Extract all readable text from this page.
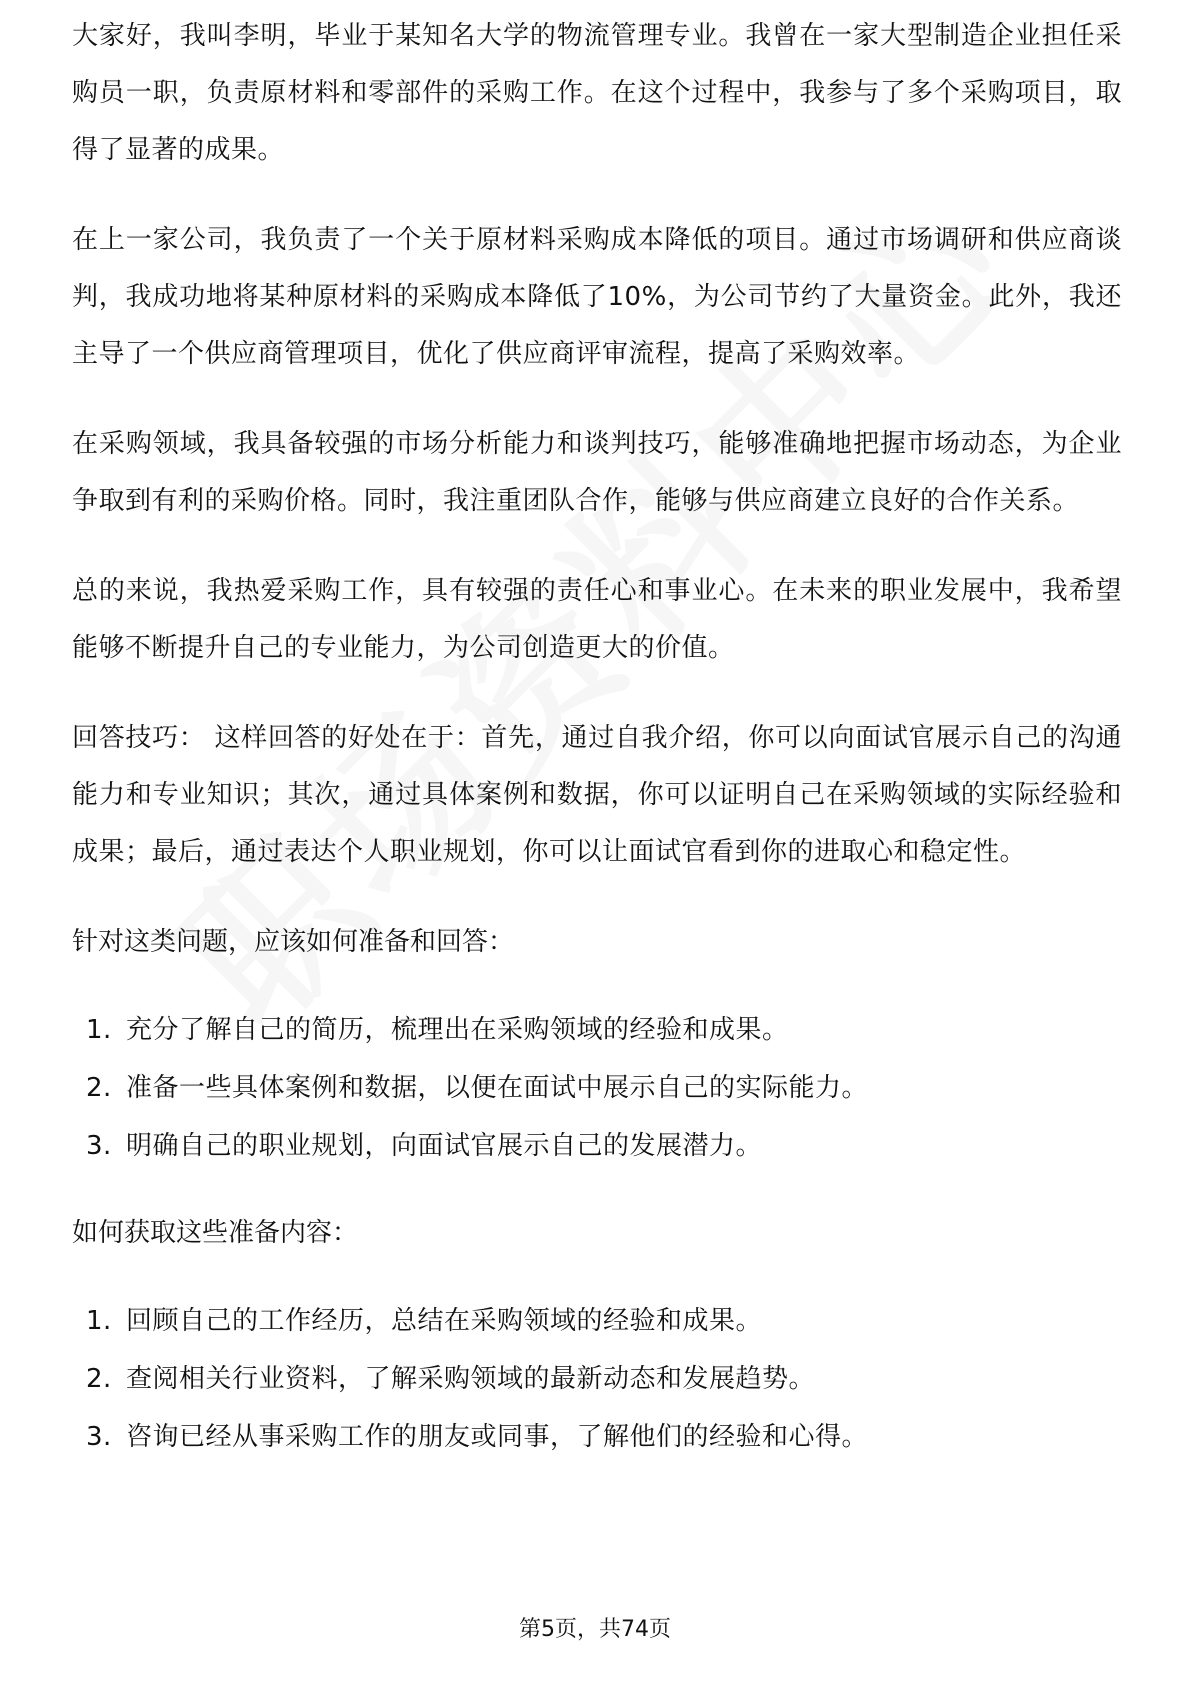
大家好，我叫李明，毕业于某知名大学的物流管理专业。我曾在一家大型制造企业担任采购员一职，负责原材料和零部件的采购工作。在这个过程中，我参与了多个采购项目，取得了显著的成果。

在上一家公司，我负责了一个关于原材料采购成本降低的项目。通过市场调研和供应商谈判，我成功地将某种原材料的采购成本降低了10%，为公司节约了大量资金。此外，我还主导了一个供应商管理项目，优化了供应商评审流程，提高了采购效率。

在采购领域，我具备较强的市场分析能力和谈判技巧，能够准确地把握市场动态，为企业争取到有利的采购价格。同时，我注重团队合作，能够与供应商建立良好的合作关系。

总的来说，我热爱采购工作，具有较强的责任心和事业心。在未来的职业发展中，我希望能够不断提升自己的专业能力，为公司创造更大的价值。

回答技巧： 这样回答的好处在于：首先，通过自我介绍，你可以向面试官展示自己的沟通能力和专业知识；其次，通过具体案例和数据，你可以证明自己在采购领域的实际经验和成果；最后，通过表达个人职业规划，你可以让面试官看到你的进取心和稳定性。

针对这类问题，应该如何准备和回答：
1. 充分了解自己的简历，梳理出在采购领域的经验和成果。
2. 准备一些具体案例和数据，以便在面试中展示自己的实际能力。
3. 明确自己的职业规划，向面试官展示自己的发展潜力。
如何获取这些准备内容：
1. 回顾自己的工作经历，总结在采购领域的经验和成果。
2. 查阅相关行业资料，了解采购领域的最新动态和发展趋势。
3. 咨询已经从事采购工作的朋友或同事，了解他们的经验和心得。
第5页，共74页
